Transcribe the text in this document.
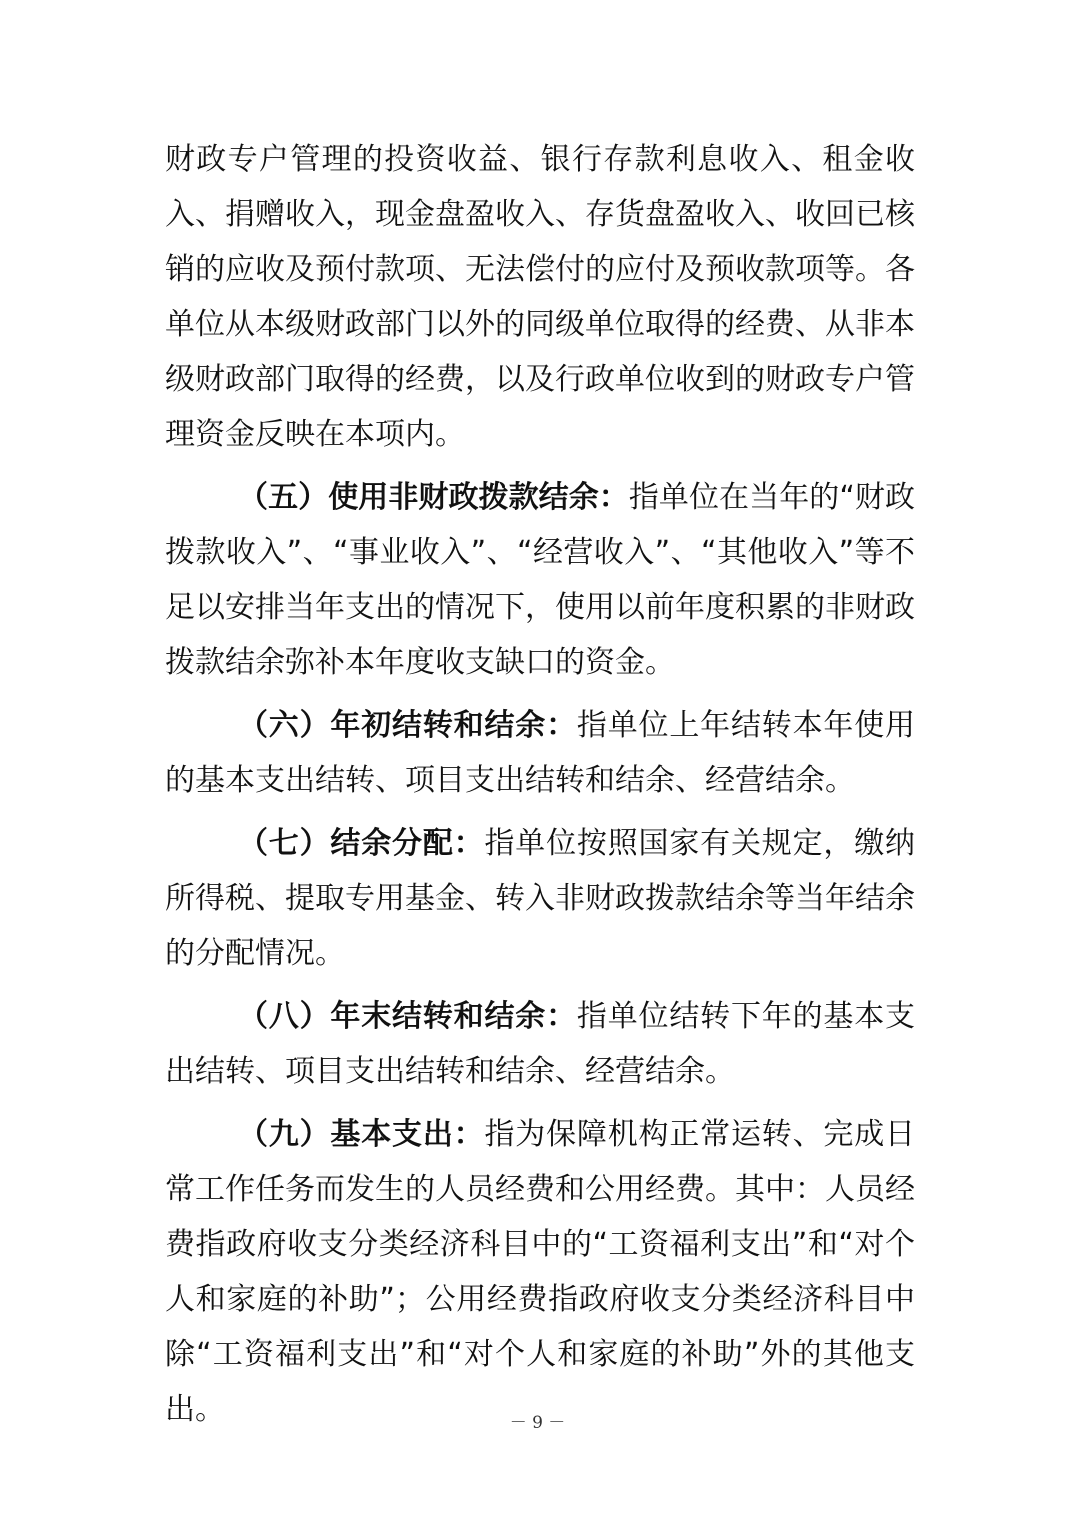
财政专户管理的投资收益、银行存款利息收入、租金收入、捐赠收入，现金盘盈收入、存货盘盈收入、收回已核销的应收及预付款项、无法偿付的应付及预收款项等。各单位从本级财政部门以外的同级单位取得的经费、从非本级财政部门取得的经费，以及行政单位收到的财政专户管理资金反映在本项内。

（五）使用非财政拨款结余：指单位在当年的“财政拨款收入”、“事业收入”、“经营收入”、“其他收入”等不足以安排当年支出的情况下，使用以前年度积累的非财政拨款结余弥补本年度收支缺口的资金。

（六）年初结转和结余：指单位上年结转本年使用的基本支出结转、项目支出结转和结余、经营结余。

（七）结余分配：指单位按照国家有关规定，缴纳所得税、提取专用基金、转入非财政拨款结余等当年结余的分配情况。

（八）年末结转和结余：指单位结转下年的基本支出结转、项目支出结转和结余、经营结余。

（九）基本支出：指为保障机构正常运转、完成日常工作任务而发生的人员经费和公用经费。其中：人员经费指政府收支分类经济科目中的“工资福利支出”和“对个人和家庭的补助”；公用经费指政府收支分类经济科目中除“工资福利支出”和“对个人和家庭的补助”外的其他支出。	－ 9 －
